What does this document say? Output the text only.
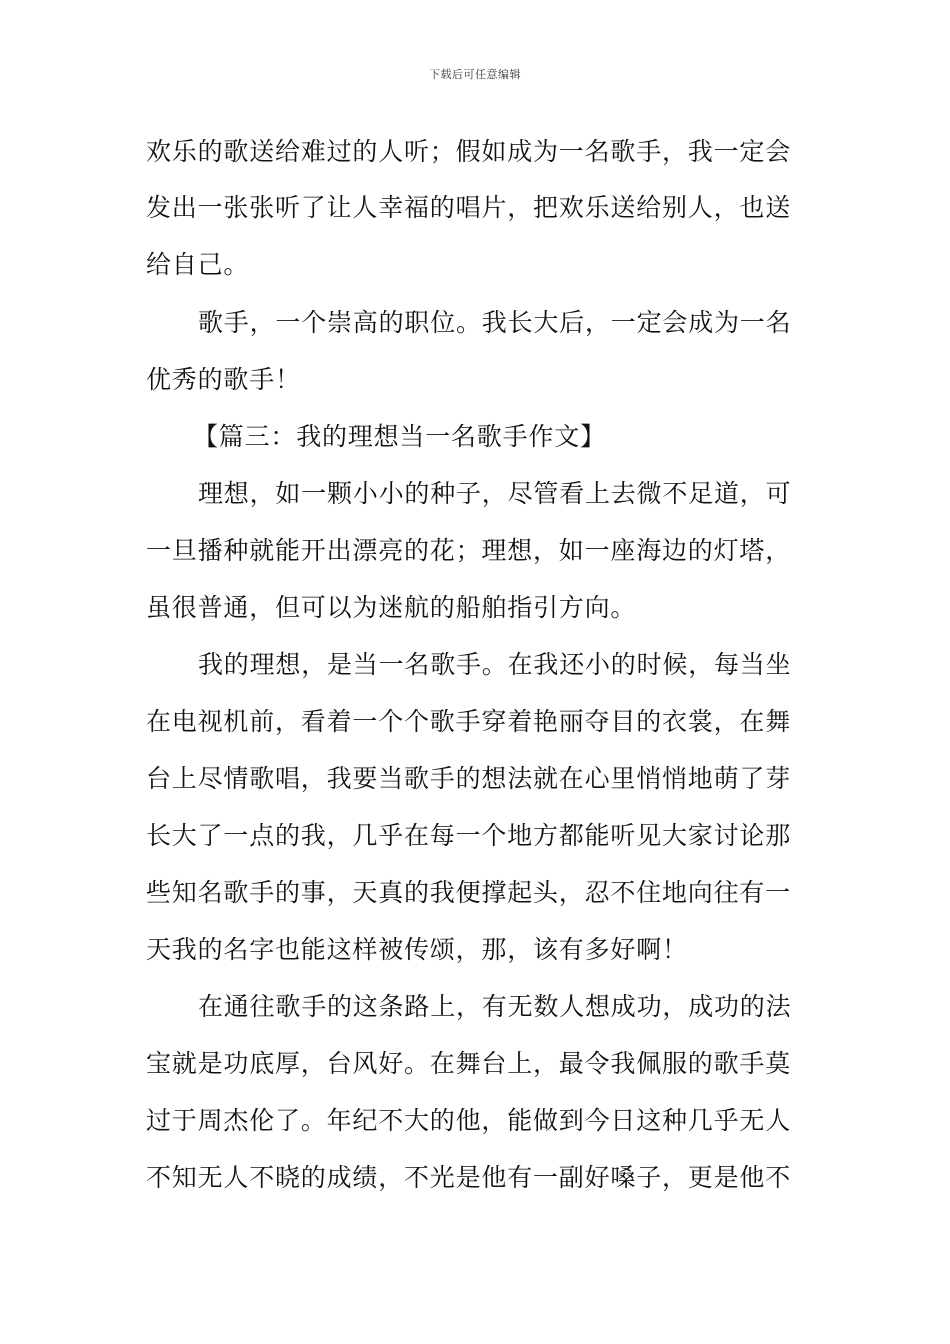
下载后可任意编辑
欢乐的歌送给难过的人听；假如成为一名歌手，我一定会
发出一张张听了让人幸福的唱片，把欢乐送给别人，也送
给自己。
歌手，一个崇高的职位。我长大后，一定会成为一名
优秀的歌手！
【篇三：我的理想当一名歌手作文】
理想，如一颗小小的种子，尽管看上去微不足道，可
一旦播种就能开出漂亮的花；理想，如一座海边的灯塔，
虽很普通，但可以为迷航的船舶指引方向。
我的理想，是当一名歌手。在我还小的时候，每当坐
在电视机前，看着一个个歌手穿着艳丽夺目的衣裳，在舞
台上尽情歌唱，我要当歌手的想法就在心里悄悄地萌了芽
长大了一点的我，几乎在每一个地方都能听见大家讨论那
些知名歌手的事，天真的我便撑起头，忍不住地向往有一
天我的名字也能这样被传颂，那，该有多好啊！
在通往歌手的这条路上，有无数人想成功，成功的法
宝就是功底厚，台风好。在舞台上，最令我佩服的歌手莫
过于周杰伦了。年纪不大的他，能做到今日这种几乎无人
不知无人不晓的成绩，不光是他有一副好嗓子，更是他不
